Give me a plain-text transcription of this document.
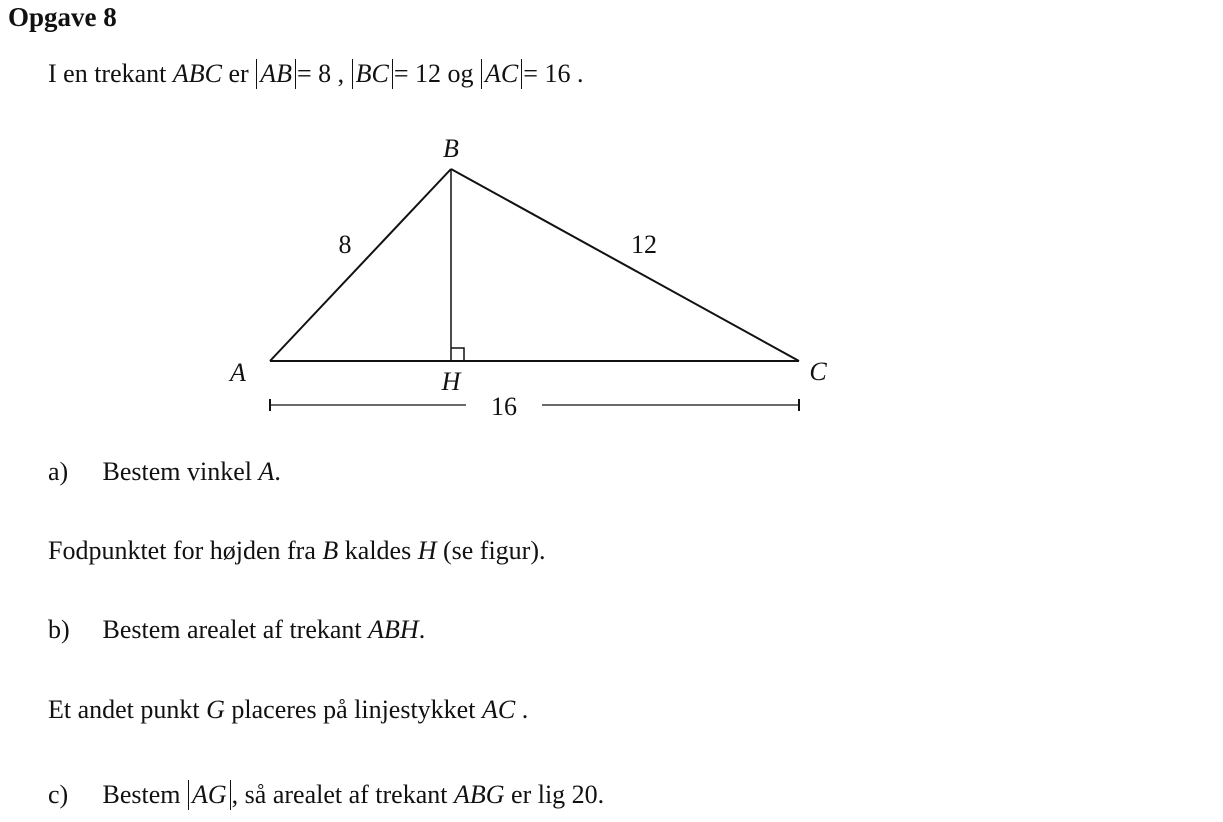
Opgave 8
I en trekant ABC er AB = 8 , BC = 12 og AC = 16 .
B
A	C
H
8	12
16
a) Bestem vinkel A.
Fodpunktet for højden fra B kaldes H (se figur).
b) Bestem arealet af trekant ABH.
Et andet punkt G placeres på linjestykket AC .
c) Bestem AG , så arealet af trekant ABG er lig 20.
